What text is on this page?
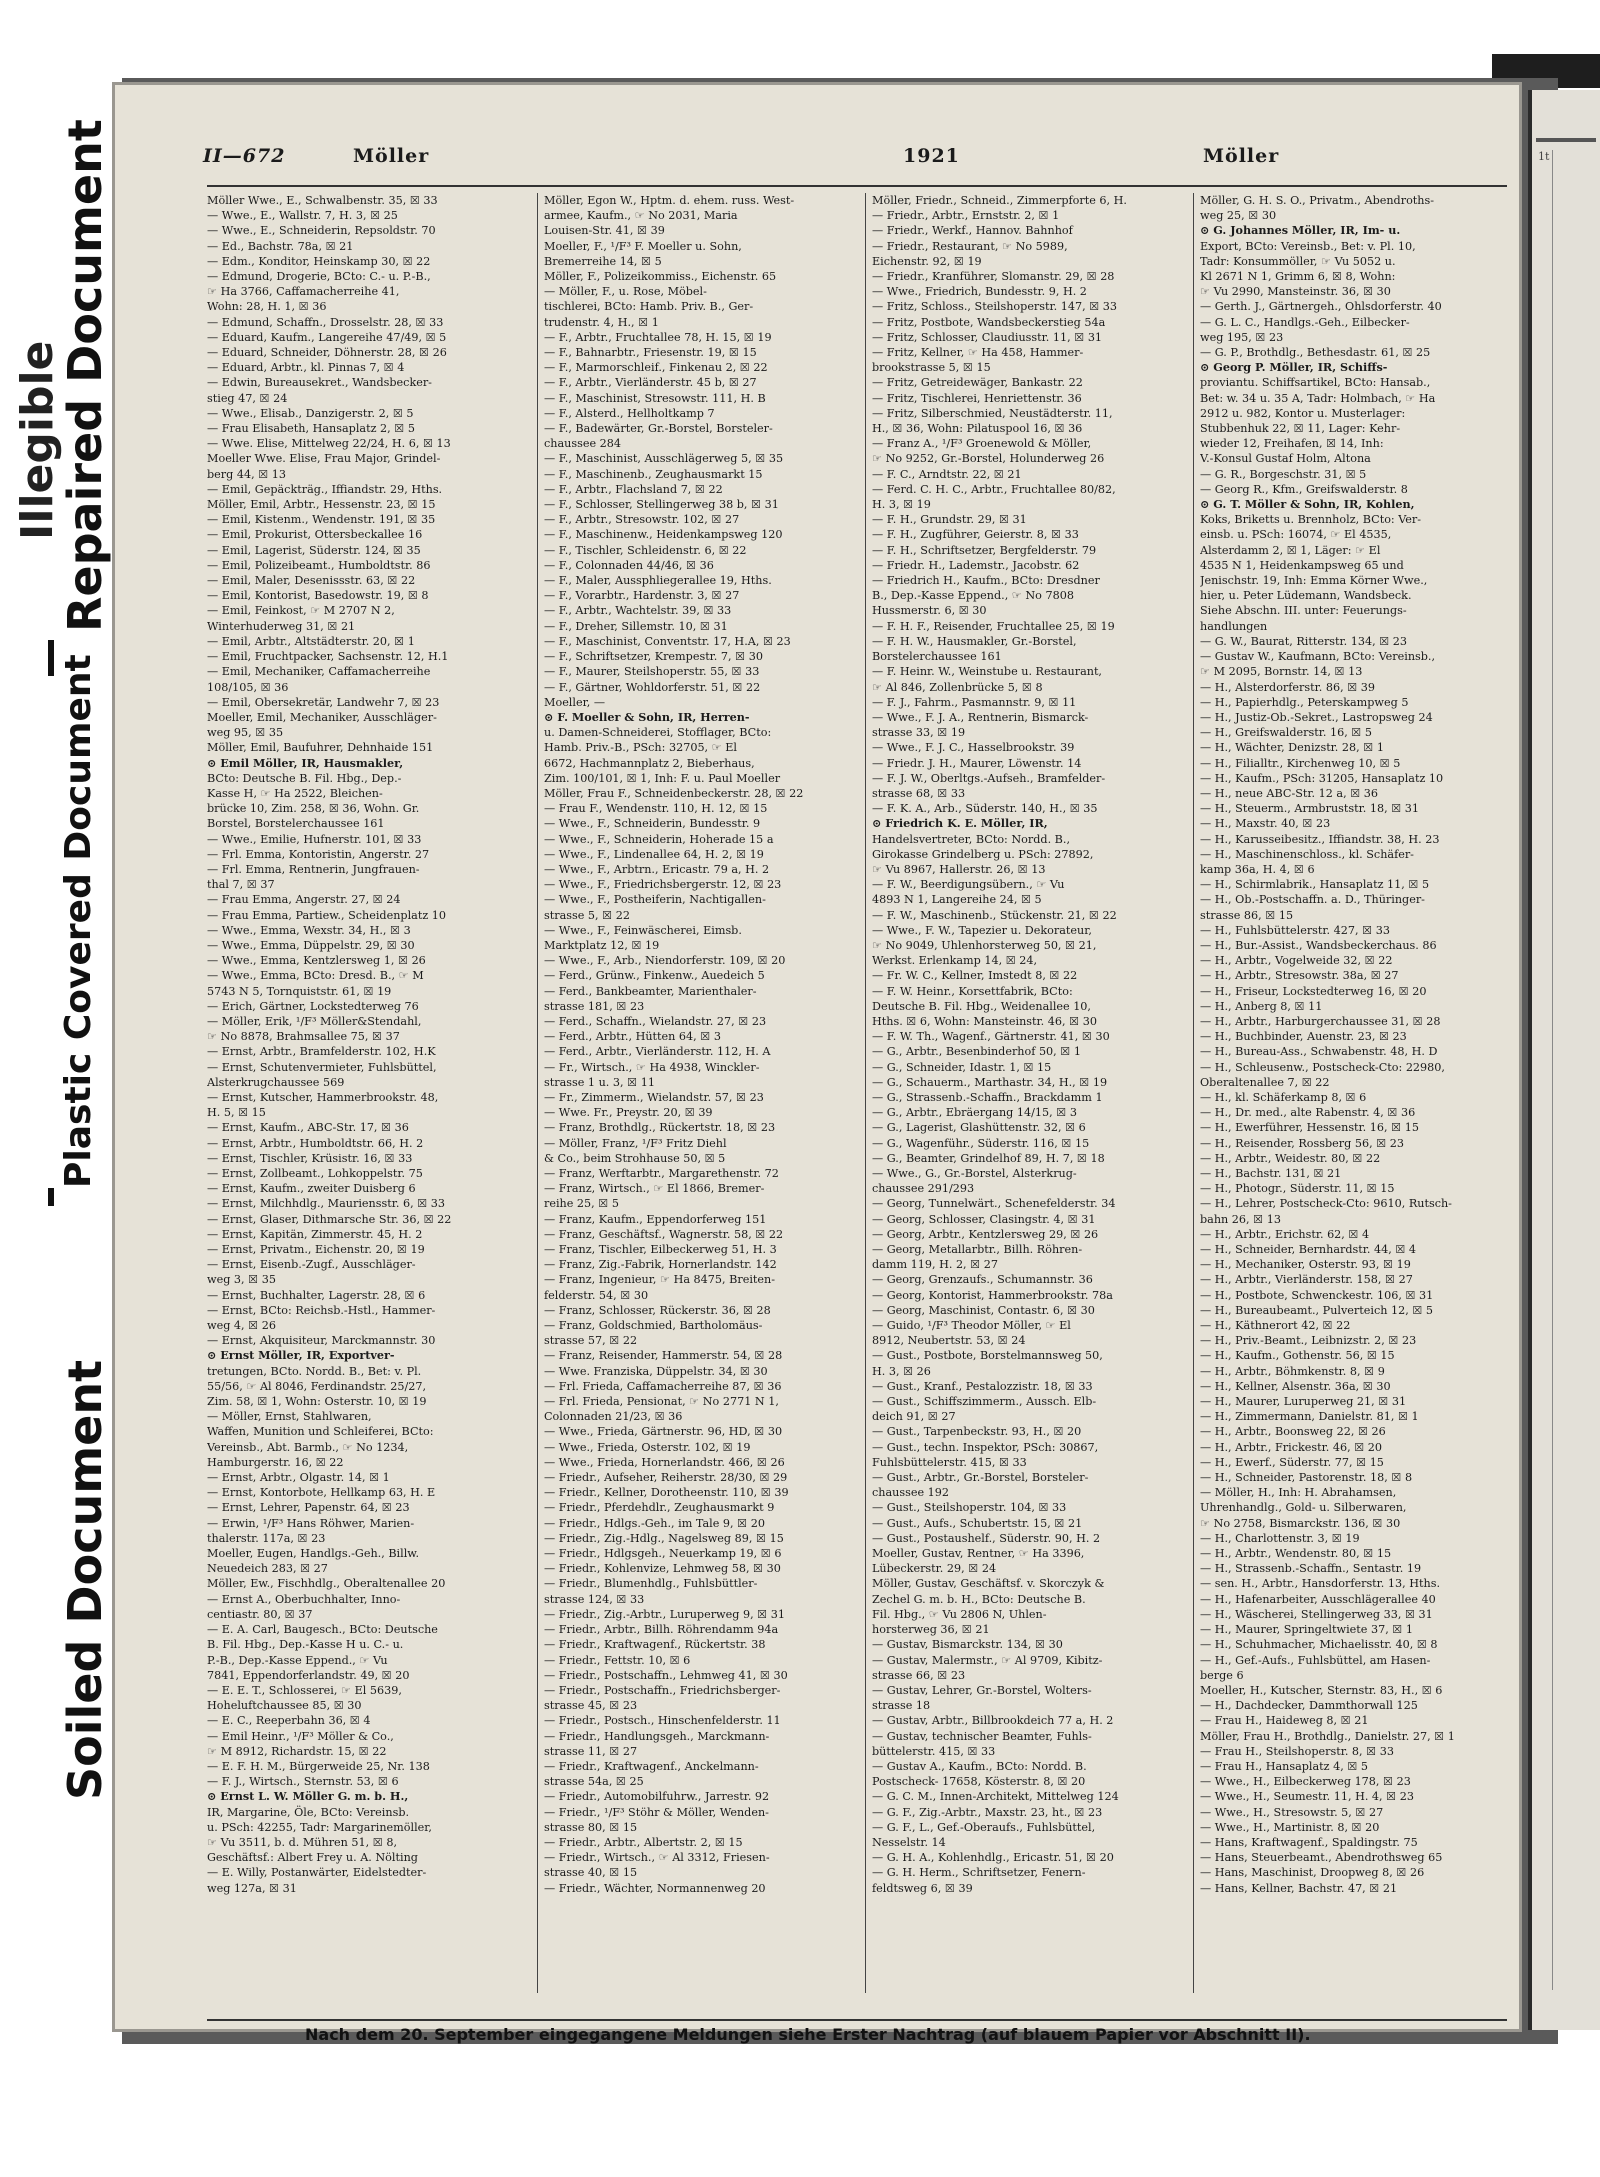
Illegible
Repaired Document
Plastic Covered Document
Soiled Document
1t
II—672	Möller	1921	Möller
Möller Wwe., E., Schwalbenstr. 35, ☒ 33
— Wwe., E., Wallstr. 7, H. 3, ☒ 25
— Wwe., E., Schneiderin, Repsoldstr. 70
— Ed., Bachstr. 78a, ☒ 21
— Edm., Konditor, Heinskamp 30, ☒ 22
— Edmund, Drogerie, BCto: C.- u. P.-B.,
☞ Ha 3766, Caffamacherreihe 41,
Wohn: 28, H. 1, ☒ 36
— Edmund, Schaffn., Drosselstr. 28, ☒ 33
— Eduard, Kaufm., Langereihe 47/49, ☒ 5
— Eduard, Schneider, Döhnerstr. 28, ☒ 26
— Eduard, Arbtr., kl. Pinnas 7, ☒ 4
— Edwin, Bureausekret., Wandsbecker-
stieg 47, ☒ 24
— Wwe., Elisab., Danzigerstr. 2, ☒ 5
— Frau Elisabeth, Hansaplatz 2, ☒ 5
— Wwe. Elise, Mittelweg 22/24, H. 6, ☒ 13
Moeller Wwe. Elise, Frau Major, Grindel-
berg 44, ☒ 13
— Emil, Gepäckträg., Iffiandstr. 29, Hths.
Möller, Emil, Arbtr., Hessenstr. 23, ☒ 15
— Emil, Kistenm., Wendenstr. 191, ☒ 35
— Emil, Prokurist, Ottersbeckallee 16
— Emil, Lagerist, Süderstr. 124, ☒ 35
— Emil, Polizeibeamt., Humboldtstr. 86
— Emil, Maler, Desenissstr. 63, ☒ 22
— Emil, Kontorist, Basedowstr. 19, ☒ 8
— Emil, Feinkost, ☞ M 2707 N 2,
Winterhuderweg 31, ☒ 21
— Emil, Arbtr., Altstädterstr. 20, ☒ 1
— Emil, Fruchtpacker, Sachsenstr. 12, H.1
— Emil, Mechaniker, Caffamacherreihe
108/105, ☒ 36
— Emil, Obersekretär, Landwehr 7, ☒ 23
Moeller, Emil, Mechaniker, Ausschläger-
weg 95, ☒ 35
Möller, Emil, Baufuhrer, Dehnhaide 151
⊙ Emil Möller, IR, Hausmakler,
BCto: Deutsche B. Fil. Hbg., Dep.-
Kasse H, ☞ Ha 2522, Bleichen-
brücke 10, Zim. 258, ☒ 36, Wohn. Gr.
Borstel, Borstelerchaussee 161
— Wwe., Emilie, Hufnerstr. 101, ☒ 33
— Frl. Emma, Kontoristin, Angerstr. 27
— Frl. Emma, Rentnerin, Jungfrauen-
thal 7, ☒ 37
— Frau Emma, Angerstr. 27, ☒ 24
— Frau Emma, Partiew., Scheidenplatz 10
— Wwe., Emma, Wexstr. 34, H., ☒ 3
— Wwe., Emma, Düppelstr. 29, ☒ 30
— Wwe., Emma, Kentzlersweg 1, ☒ 26
— Wwe., Emma, BCto: Dresd. B., ☞ M
5743 N 5, Tornquiststr. 61, ☒ 19
— Erich, Gärtner, Lockstedterweg 76
— Möller, Erik, ¹/F³ Möller&Stendahl,
☞ No 8878, Brahmsallee 75, ☒ 37
— Ernst, Arbtr., Bramfelderstr. 102, H.K
— Ernst, Schutenvermieter, Fuhlsbüttel,
Alsterkrugchaussee 569
— Ernst, Kutscher, Hammerbrookstr. 48,
H. 5, ☒ 15
— Ernst, Kaufm., ABC-Str. 17, ☒ 36
— Ernst, Arbtr., Humboldtstr. 66, H. 2
— Ernst, Tischler, Krüsistr. 16, ☒ 33
— Ernst, Zollbeamt., Lohkoppelstr. 75
— Ernst, Kaufm., zweiter Duisberg 6
— Ernst, Milchhdlg., Mauriensstr. 6, ☒ 33
— Ernst, Glaser, Dithmarsche Str. 36, ☒ 22
— Ernst, Kapitän, Zimmerstr. 45, H. 2
— Ernst, Privatm., Eichenstr. 20, ☒ 19
— Ernst, Eisenb.-Zugf., Ausschläger-
weg 3, ☒ 35
— Ernst, Buchhalter, Lagerstr. 28, ☒ 6
— Ernst, BCto: Reichsb.-Hstl., Hammer-
weg 4, ☒ 26
— Ernst, Akquisiteur, Marckmannstr. 30
⊙ Ernst Möller, IR, Exportver-
tretungen, BCto. Nordd. B., Bet: v. Pl.
55/56, ☞ Al 8046, Ferdinandstr. 25/27,
Zim. 58, ☒ 1, Wohn: Osterstr. 10, ☒ 19
— Möller, Ernst, Stahlwaren,
Waffen, Munition und Schleiferei, BCto:
Vereinsb., Abt. Barmb., ☞ No 1234,
Hamburgerstr. 16, ☒ 22
— Ernst, Arbtr., Olgastr. 14, ☒ 1
— Ernst, Kontorbote, Hellkamp 63, H. E
— Ernst, Lehrer, Papenstr. 64, ☒ 23
— Erwin, ¹/F³ Hans Röhwer, Marien-
thalerstr. 117a, ☒ 23
Moeller, Eugen, Handlgs.-Geh., Billw.
Neuedeich 283, ☒ 27
Möller, Ew., Fischhdlg., Oberaltenallee 20
— Ernst A., Oberbuchhalter, Inno-
centiastr. 80, ☒ 37
— E. A. Carl, Baugesch., BCto: Deutsche
B. Fil. Hbg., Dep.-Kasse H u. C.- u.
P.-B., Dep.-Kasse Eppend., ☞ Vu
7841, Eppendorferlandstr. 49, ☒ 20
— E. E. T., Schlosserei, ☞ El 5639,
Hoheluftchaussee 85, ☒ 30
— E. C., Reeperbahn 36, ☒ 4
— Emil Heinr., ¹/F³ Möller & Co.,
☞ M 8912, Richardstr. 15, ☒ 22
— E. F. H. M., Bürgerweide 25, Nr. 138
— F. J., Wirtsch., Sternstr. 53, ☒ 6
⊙ Ernst L. W. Möller G. m. b. H.,
IR, Margarine, Öle, BCto: Vereinsb.
u. PSch: 42255, Tadr: Margarinemöller,
☞ Vu 3511, b. d. Mühren 51, ☒ 8,
Geschäftsf.: Albert Frey u. A. Nölting
— E. Willy, Postanwärter, Eidelstedter-
weg 127a, ☒ 31
Möller, Egon W., Hptm. d. ehem. russ. West-
armee, Kaufm., ☞ No 2031, Maria
Louisen-Str. 41, ☒ 39
Moeller, F., ¹/F³ F. Moeller u. Sohn,
Bremerreihe 14, ☒ 5
Möller, F., Polizeikommiss., Eichenstr. 65
— Möller, F., u. Rose, Möbel-
tischlerei, BCto: Hamb. Priv. B., Ger-
trudenstr. 4, H., ☒ 1
— F., Arbtr., Fruchtallee 78, H. 15, ☒ 19
— F., Bahnarbtr., Friesenstr. 19, ☒ 15
— F., Marmorschleif., Finkenau 2, ☒ 22
— F., Arbtr., Vierländerstr. 45 b, ☒ 27
— F., Maschinist, Stresowstr. 111, H. B
— F., Alsterd., Hellholtkamp 7
— F., Badewärter, Gr.-Borstel, Borsteler-
chaussee 284
— F., Maschinist, Ausschlägerweg 5, ☒ 35
— F., Maschinenb., Zeughausmarkt 15
— F., Arbtr., Flachsland 7, ☒ 22
— F., Schlosser, Stellingerweg 38 b, ☒ 31
— F., Arbtr., Stresowstr. 102, ☒ 27
— F., Maschinenw., Heidenkampsweg 120
— F., Tischler, Schleidenstr. 6, ☒ 22
— F., Colonnaden 44/46, ☒ 36
— F., Maler, Aussphliegerallee 19, Hths.
— F., Vorarbtr., Hardenstr. 3, ☒ 27
— F., Arbtr., Wachtelstr. 39, ☒ 33
— F., Dreher, Sillemstr. 10, ☒ 31
— F., Maschinist, Conventstr. 17, H.A, ☒ 23
— F., Schriftsetzer, Krempestr. 7, ☒ 30
— F., Maurer, Steilshoperstr. 55, ☒ 33
— F., Gärtner, Wohldorferstr. 51, ☒ 22
Moeller, —
⊙ F. Moeller & Sohn, IR, Herren-
u. Damen-Schneiderei, Stofflager, BCto:
Hamb. Priv.-B., PSch: 32705, ☞ El
6672, Hachmannplatz 2, Bieberhaus,
Zim. 100/101, ☒ 1, Inh: F. u. Paul Moeller
Möller, Frau F., Schneidenbeckerstr. 28, ☒ 22
— Frau F., Wendenstr. 110, H. 12, ☒ 15
— Wwe., F., Schneiderin, Bundesstr. 9
— Wwe., F., Schneiderin, Hoherade 15 a
— Wwe., F., Lindenallee 64, H. 2, ☒ 19
— Wwe., F., Arbtrn., Ericastr. 79 a, H. 2
— Wwe., F., Friedrichsbergerstr. 12, ☒ 23
— Wwe., F., Postheiferin, Nachtigallen-
strasse 5, ☒ 22
— Wwe., F., Feinwäscherei, Eimsb.
Marktplatz 12, ☒ 19
— Wwe., F., Arb., Niendorferstr. 109, ☒ 20
— Ferd., Grünw., Finkenw., Auedeich 5
— Ferd., Bankbeamter, Marienthaler-
strasse 181, ☒ 23
— Ferd., Schaffn., Wielandstr. 27, ☒ 23
— Ferd., Arbtr., Hütten 64, ☒ 3
— Ferd., Arbtr., Vierländerstr. 112, H. A
— Fr., Wirtsch., ☞ Ha 4938, Winckler-
strasse 1 u. 3, ☒ 11
— Fr., Zimmerm., Wielandstr. 57, ☒ 23
— Wwe. Fr., Preystr. 20, ☒ 39
— Franz, Brothdlg., Rückertstr. 18, ☒ 23
— Möller, Franz, ¹/F³ Fritz Diehl
& Co., beim Strohhause 50, ☒ 5
— Franz, Werftarbtr., Margarethenstr. 72
— Franz, Wirtsch., ☞ El 1866, Bremer-
reihe 25, ☒ 5
— Franz, Kaufm., Eppendorferweg 151
— Franz, Geschäftsf., Wagnerstr. 58, ☒ 22
— Franz, Tischler, Eilbeckerweg 51, H. 3
— Franz, Zig.-Fabrik, Hornerlandstr. 142
— Franz, Ingenieur, ☞ Ha 8475, Breiten-
felderstr. 54, ☒ 30
— Franz, Schlosser, Rückerstr. 36, ☒ 28
— Franz, Goldschmied, Bartholomäus-
strasse 57, ☒ 22
— Franz, Reisender, Hammerstr. 54, ☒ 28
— Wwe. Franziska, Düppelstr. 34, ☒ 30
— Frl. Frieda, Caffamacherreihe 87, ☒ 36
— Frl. Frieda, Pensionat, ☞ No 2771 N 1,
Colonnaden 21/23, ☒ 36
— Wwe., Frieda, Gärtnerstr. 96, HD, ☒ 30
— Wwe., Frieda, Osterstr. 102, ☒ 19
— Wwe., Frieda, Hornerlandstr. 466, ☒ 26
— Friedr., Aufseher, Reiherstr. 28/30, ☒ 29
— Friedr., Kellner, Dorotheenstr. 110, ☒ 39
— Friedr., Pferdehdlr., Zeughausmarkt 9
— Friedr., Hdlgs.-Geh., im Tale 9, ☒ 20
— Friedr., Zig.-Hdlg., Nagelsweg 89, ☒ 15
— Friedr., Hdlgsgeh., Neuerkamp 19, ☒ 6
— Friedr., Kohlenvize, Lehmweg 58, ☒ 30
— Friedr., Blumenhdlg., Fuhlsbüttler-
strasse 124, ☒ 33
— Friedr., Zig.-Arbtr., Luruperweg 9, ☒ 31
— Friedr., Arbtr., Billh. Röhrendamm 94a
— Friedr., Kraftwagenf., Rückertstr. 38
— Friedr., Fettstr. 10, ☒ 6
— Friedr., Postschaffn., Lehmweg 41, ☒ 30
— Friedr., Postschaffn., Friedrichsberger-
strasse 45, ☒ 23
— Friedr., Postsch., Hinschenfelderstr. 11
— Friedr., Handlungsgeh., Marckmann-
strasse 11, ☒ 27
— Friedr., Kraftwagenf., Anckelmann-
strasse 54a, ☒ 25
— Friedr., Automobilfuhrw., Jarrestr. 92
— Friedr., ¹/F³ Stöhr & Möller, Wenden-
strasse 80, ☒ 15
— Friedr., Arbtr., Albertstr. 2, ☒ 15
— Friedr., Wirtsch., ☞ Al 3312, Friesen-
strasse 40, ☒ 15
— Friedr., Wächter, Normannenweg 20
Möller, Friedr., Schneid., Zimmerpforte 6, H.
— Friedr., Arbtr., Ernststr. 2, ☒ 1
— Friedr., Werkf., Hannov. Bahnhof
— Friedr., Restaurant, ☞ No 5989,
Eichenstr. 92, ☒ 19
— Friedr., Kranführer, Slomanstr. 29, ☒ 28
— Wwe., Friedrich, Bundesstr. 9, H. 2
— Fritz, Schloss., Steilshoperstr. 147, ☒ 33
— Fritz, Postbote, Wandsbeckerstieg 54a
— Fritz, Schlosser, Claudiusstr. 11, ☒ 31
— Fritz, Kellner, ☞ Ha 458, Hammer-
brookstrasse 5, ☒ 15
— Fritz, Getreidewäger, Bankastr. 22
— Fritz, Tischlerei, Henriettenstr. 36
— Fritz, Silberschmied, Neustädterstr. 11,
H., ☒ 36, Wohn: Pilatuspool 16, ☒ 36
— Franz A., ¹/F³ Groenewold & Möller,
☞ No 9252, Gr.-Borstel, Holunderweg 26
— F. C., Arndtstr. 22, ☒ 21
— Ferd. C. H. C., Arbtr., Fruchtallee 80/82,
H. 3, ☒ 19
— F. H., Grundstr. 29, ☒ 31
— F. H., Zugführer, Geierstr. 8, ☒ 33
— F. H., Schriftsetzer, Bergfelderstr. 79
— Friedr. H., Lademstr., Jacobstr. 62
— Friedrich H., Kaufm., BCto: Dresdner
B., Dep.-Kasse Eppend., ☞ No 7808
Hussmerstr. 6, ☒ 30
— F. H. F., Reisender, Fruchtallee 25, ☒ 19
— F. H. W., Hausmakler, Gr.-Borstel,
Borstelerchaussee 161
— F. Heinr. W., Weinstube u. Restaurant,
☞ Al 846, Zollenbrücke 5, ☒ 8
— F. J., Fahrm., Pasmannstr. 9, ☒ 11
— Wwe., F. J. A., Rentnerin, Bismarck-
strasse 33, ☒ 19
— Wwe., F. J. C., Hasselbrookstr. 39
— Friedr. J. H., Maurer, Löwenstr. 14
— F. J. W., Oberltgs.-Aufseh., Bramfelder-
strasse 68, ☒ 33
— F. K. A., Arb., Süderstr. 140, H., ☒ 35
⊙ Friedrich K. E. Möller, IR,
Handelsvertreter, BCto: Nordd. B.,
Girokasse Grindelberg u. PSch: 27892,
☞ Vu 8967, Hallerstr. 26, ☒ 13
— F. W., Beerdigungsübern., ☞ Vu
4893 N 1, Langereihe 24, ☒ 5
— F. W., Maschinenb., Stückenstr. 21, ☒ 22
— Wwe., F. W., Tapezier u. Dekorateur,
☞ No 9049, Uhlenhorsterweg 50, ☒ 21,
Werkst. Erlenkamp 14, ☒ 24,
— Fr. W. C., Kellner, Imstedt 8, ☒ 22
— F. W. Heinr., Korsettfabrik, BCto:
Deutsche B. Fil. Hbg., Weidenallee 10,
Hths. ☒ 6, Wohn: Mansteinstr. 46, ☒ 30
— F. W. Th., Wagenf., Gärtnerstr. 41, ☒ 30
— G., Arbtr., Besenbinderhof 50, ☒ 1
— G., Schneider, Idastr. 1, ☒ 15
— G., Schauerm., Marthastr. 34, H., ☒ 19
— G., Strassenb.-Schaffn., Brackdamm 1
— G., Arbtr., Ebräergang 14/15, ☒ 3
— G., Lagerist, Glashüttenstr. 32, ☒ 6
— G., Wagenführ., Süderstr. 116, ☒ 15
— G., Beamter, Grindelhof 89, H. 7, ☒ 18
— Wwe., G., Gr.-Borstel, Alsterkrug-
chaussee 291/293
— Georg, Tunnelwärt., Schenefelderstr. 34
— Georg, Schlosser, Clasingstr. 4, ☒ 31
— Georg, Arbtr., Kentzlersweg 29, ☒ 26
— Georg, Metallarbtr., Billh. Röhren-
damm 119, H. 2, ☒ 27
— Georg, Grenzaufs., Schumannstr. 36
— Georg, Kontorist, Hammerbrookstr. 78a
— Georg, Maschinist, Contastr. 6, ☒ 30
— Guido, ¹/F³ Theodor Möller, ☞ El
8912, Neubertstr. 53, ☒ 24
— Gust., Postbote, Borstelmannsweg 50,
H. 3, ☒ 26
— Gust., Kranf., Pestalozzistr. 18, ☒ 33
— Gust., Schiffszimmerm., Aussch. Elb-
deich 91, ☒ 27
— Gust., Tarpenbeckstr. 93, H., ☒ 20
— Gust., techn. Inspektor, PSch: 30867,
Fuhlsbüttelerstr. 415, ☒ 33
— Gust., Arbtr., Gr.-Borstel, Borsteler-
chaussee 192
— Gust., Steilshoperstr. 104, ☒ 33
— Gust., Aufs., Schubertstr. 15, ☒ 21
— Gust., Postaushelf., Süderstr. 90, H. 2
Moeller, Gustav, Rentner, ☞ Ha 3396,
Lübeckerstr. 29, ☒ 24
Möller, Gustav, Geschäftsf. v. Skorczyk &
Zechel G. m. b. H., BCto: Deutsche B.
Fil. Hbg., ☞ Vu 2806 N, Uhlen-
horsterweg 36, ☒ 21
— Gustav, Bismarckstr. 134, ☒ 30
— Gustav, Malermstr., ☞ Al 9709, Kibitz-
strasse 66, ☒ 23
— Gustav, Lehrer, Gr.-Borstel, Wolters-
strasse 18
— Gustav, Arbtr., Billbrookdeich 77 a, H. 2
— Gustav, technischer Beamter, Fuhls-
büttelerstr. 415, ☒ 33
— Gustav A., Kaufm., BCto: Nordd. B.
Postscheck- 17658, Kösterstr. 8, ☒ 20
— G. C. M., Innen-Architekt, Mittelweg 124
— G. F., Zig.-Arbtr., Maxstr. 23, ht., ☒ 23
— G. F., L., Gef.-Oberaufs., Fuhlsbüttel,
Nesselstr. 14
— G. H. A., Kohlenhdlg., Ericastr. 51, ☒ 20
— G. H. Herm., Schriftsetzer, Fenern-
feldtsweg 6, ☒ 39
Möller, G. H. S. O., Privatm., Abendroths-
weg 25, ☒ 30
⊙ G. Johannes Möller, IR, Im- u.
Export, BCto: Vereinsb., Bet: v. Pl. 10,
Tadr: Konsummöller, ☞ Vu 5052 u.
Kl 2671 N 1, Grimm 6, ☒ 8, Wohn:
☞ Vu 2990, Mansteinstr. 36, ☒ 30
— Gerth. J., Gärtnergeh., Ohlsdorferstr. 40
— G. L. C., Handlgs.-Geh., Eilbecker-
weg 195, ☒ 23
— G. P., Brothdlg., Bethesdastr. 61, ☒ 25
⊙ Georg P. Möller, IR, Schiffs-
proviantu. Schiffsartikel, BCto: Hansab.,
Bet: w. 34 u. 35 A, Tadr: Holmbach, ☞ Ha
2912 u. 982, Kontor u. Musterlager:
Stubbenhuk 22, ☒ 11, Lager: Kehr-
wieder 12, Freihafen, ☒ 14, Inh:
V.-Konsul Gustaf Holm, Altona
— G. R., Borgeschstr. 31, ☒ 5
— Georg R., Kfm., Greifswalderstr. 8
⊙ G. T. Möller & Sohn, IR, Kohlen,
Koks, Briketts u. Brennholz, BCto: Ver-
einsb. u. PSch: 16074, ☞ El 4535,
Alsterdamm 2, ☒ 1, Läger: ☞ El
4535 N 1, Heidenkampsweg 65 und
Jenischstr. 19, Inh: Emma Körner Wwe.,
hier, u. Peter Lüdemann, Wandsbeck.
Siehe Abschn. III. unter: Feuerungs-
handlungen
— G. W., Baurat, Ritterstr. 134, ☒ 23
— Gustav W., Kaufmann, BCto: Vereinsb.,
☞ M 2095, Bornstr. 14, ☒ 13
— H., Alsterdorferstr. 86, ☒ 39
— H., Papierhdlg., Peterskampweg 5
— H., Justiz-Ob.-Sekret., Lastropsweg 24
— H., Greifswalderstr. 16, ☒ 5
— H., Wächter, Denizstr. 28, ☒ 1
— H., Filialltr., Kirchenweg 10, ☒ 5
— H., Kaufm., PSch: 31205, Hansaplatz 10
— H., neue ABC-Str. 12 a, ☒ 36
— H., Steuerm., Armbruststr. 18, ☒ 31
— H., Maxstr. 40, ☒ 23
— H., Karusseibesitz., Iffiandstr. 38, H. 23
— H., Maschinenschloss., kl. Schäfer-
kamp 36a, H. 4, ☒ 6
— H., Schirmlabrik., Hansaplatz 11, ☒ 5
— H., Ob.-Postschaffn. a. D., Thüringer-
strasse 86, ☒ 15
— H., Fuhlsbüttelerstr. 427, ☒ 33
— H., Bur.-Assist., Wandsbeckerchaus. 86
— H., Arbtr., Vogelweide 32, ☒ 22
— H., Arbtr., Stresowstr. 38a, ☒ 27
— H., Friseur, Lockstedterweg 16, ☒ 20
— H., Anberg 8, ☒ 11
— H., Arbtr., Harburgerchaussee 31, ☒ 28
— H., Buchbinder, Auenstr. 23, ☒ 23
— H., Bureau-Ass., Schwabenstr. 48, H. D
— H., Schleusenw., Postscheck-Cto: 22980,
Oberaltenallee 7, ☒ 22
— H., kl. Schäferkamp 8, ☒ 6
— H., Dr. med., alte Rabenstr. 4, ☒ 36
— H., Ewerführer, Hessenstr. 16, ☒ 15
— H., Reisender, Rossberg 56, ☒ 23
— H., Arbtr., Weidestr. 80, ☒ 22
— H., Bachstr. 131, ☒ 21
— H., Photogr., Süderstr. 11, ☒ 15
— H., Lehrer, Postscheck-Cto: 9610, Rutsch-
bahn 26, ☒ 13
— H., Arbtr., Erichstr. 62, ☒ 4
— H., Schneider, Bernhardstr. 44, ☒ 4
— H., Mechaniker, Osterstr. 93, ☒ 19
— H., Arbtr., Vierländerstr. 158, ☒ 27
— H., Postbote, Schwenckestr. 106, ☒ 31
— H., Bureaubeamt., Pulverteich 12, ☒ 5
— H., Käthnerort 42, ☒ 22
— H., Priv.-Beamt., Leibnizstr. 2, ☒ 23
— H., Kaufm., Gothenstr. 56, ☒ 15
— H., Arbtr., Böhmkenstr. 8, ☒ 9
— H., Kellner, Alsenstr. 36a, ☒ 30
— H., Maurer, Luruperweg 21, ☒ 31
— H., Zimmermann, Danielstr. 81, ☒ 1
— H., Arbtr., Boonsweg 22, ☒ 26
— H., Arbtr., Frickestr. 46, ☒ 20
— H., Ewerf., Süderstr. 77, ☒ 15
— H., Schneider, Pastorenstr. 18, ☒ 8
— Möller, H., Inh: H. Abrahamsen,
Uhrenhandlg., Gold- u. Silberwaren,
☞ No 2758, Bismarckstr. 136, ☒ 30
— H., Charlottenstr. 3, ☒ 19
— H., Arbtr., Wendenstr. 80, ☒ 15
— H., Strassenb.-Schaffn., Sentastr. 19
— sen. H., Arbtr., Hansdorferstr. 13, Hths.
— H., Hafenarbeiter, Ausschlägerallee 40
— H., Wäscherei, Stellingerweg 33, ☒ 31
— H., Maurer, Springeltwiete 37, ☒ 1
— H., Schuhmacher, Michaelisstr. 40, ☒ 8
— H., Gef.-Aufs., Fuhlsbüttel, am Hasen-
berge 6
Moeller, H., Kutscher, Sternstr. 83, H., ☒ 6
— H., Dachdecker, Dammthorwall 125
— Frau H., Haideweg 8, ☒ 21
Möller, Frau H., Brothdlg., Danielstr. 27, ☒ 1
— Frau H., Steilshoperstr. 8, ☒ 33
— Frau H., Hansaplatz 4, ☒ 5
— Wwe., H., Eilbeckerweg 178, ☒ 23
— Wwe., H., Seumestr. 11, H. 4, ☒ 23
— Wwe., H., Stresowstr. 5, ☒ 27
— Wwe., H., Martinistr. 8, ☒ 20
— Hans, Kraftwagenf., Spaldingstr. 75
— Hans, Steuerbeamt., Abendrothsweg 65
— Hans, Maschinist, Droopweg 8, ☒ 26
— Hans, Kellner, Bachstr. 47, ☒ 21
Nach dem 20. September eingegangene Meldungen siehe Erster Nachtrag (auf blauem Papier vor Abschnitt II).
